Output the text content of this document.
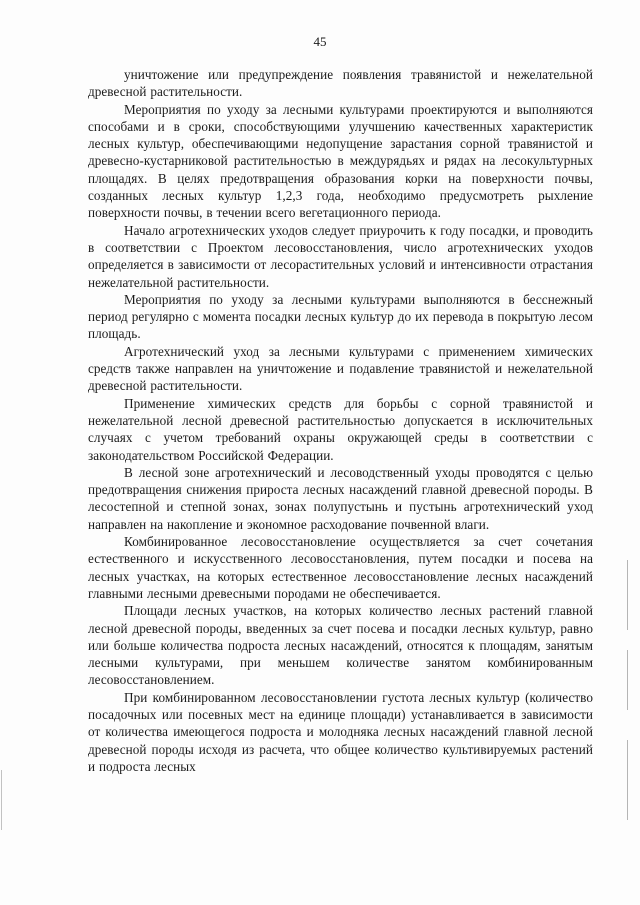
45

уничтожение или предупреждение появления травянистой и нежелательной древесной растительности.

Мероприятия по уходу за лесными культурами проектируются и выполняются способами и в сроки, способствующими улучшению качественных характеристик лесных культур, обеспечивающими недопущение зарастания сорной травянистой и древесно-кустарниковой растительностью в междурядьях и рядах на лесокультурных площадях. В целях предотвращения образования корки на поверхности почвы, созданных лесных культур 1,2,3 года, необходимо предусмотреть рыхление поверхности почвы, в течении всего вегетационного периода.

Начало агротехнических уходов следует приурочить к году посадки, и проводить в соответствии с Проектом лесовосстановления, число агротехнических уходов определяется в зависимости от лесорастительных условий и интенсивности отрастания нежелательной растительности.

Мероприятия по уходу за лесными культурами выполняются в бесснежный период регулярно с момента посадки лесных культур до их перевода в покрытую лесом площадь.

Агротехнический уход за лесными культурами с применением химических средств также направлен на уничтожение и подавление травянистой и нежелательной древесной растительности.

Применение химических средств для борьбы с сорной травянистой и нежелательной лесной древесной растительностью допускается в исключительных случаях с учетом требований охраны окружающей среды в соответствии с законодательством Российской Федерации.

В лесной зоне агротехнический и лесоводственный уходы проводятся с целью предотвращения снижения прироста лесных насаждений главной древесной породы. В лесостепной и степной зонах, зонах полупустынь и пустынь агротехнический уход направлен на накопление и экономное расходование почвенной влаги.

Комбинированное лесовосстановление осуществляется за счет сочетания естественного и искусственного лесовосстановления, путем посадки и посева на лесных участках, на которых естественное лесовосстановление лесных насаждений главными лесными древесными породами не обеспечивается.

Площади лесных участков, на которых количество лесных растений главной лесной древесной породы, введенных за счет посева и посадки лесных культур, равно или больше количества подроста лесных насаждений, относятся к площадям, занятым лесными культурами, при меньшем количестве занятом комбинированным лесовосстановлением.

При комбинированном лесовосстановлении густота лесных культур (количество посадочных или посевных мест на единице площади) устанавливается в зависимости от количества имеющегося подроста и молодняка лесных насаждений главной лесной древесной породы исходя из расчета, что общее количество культивируемых растений и подроста лесных
